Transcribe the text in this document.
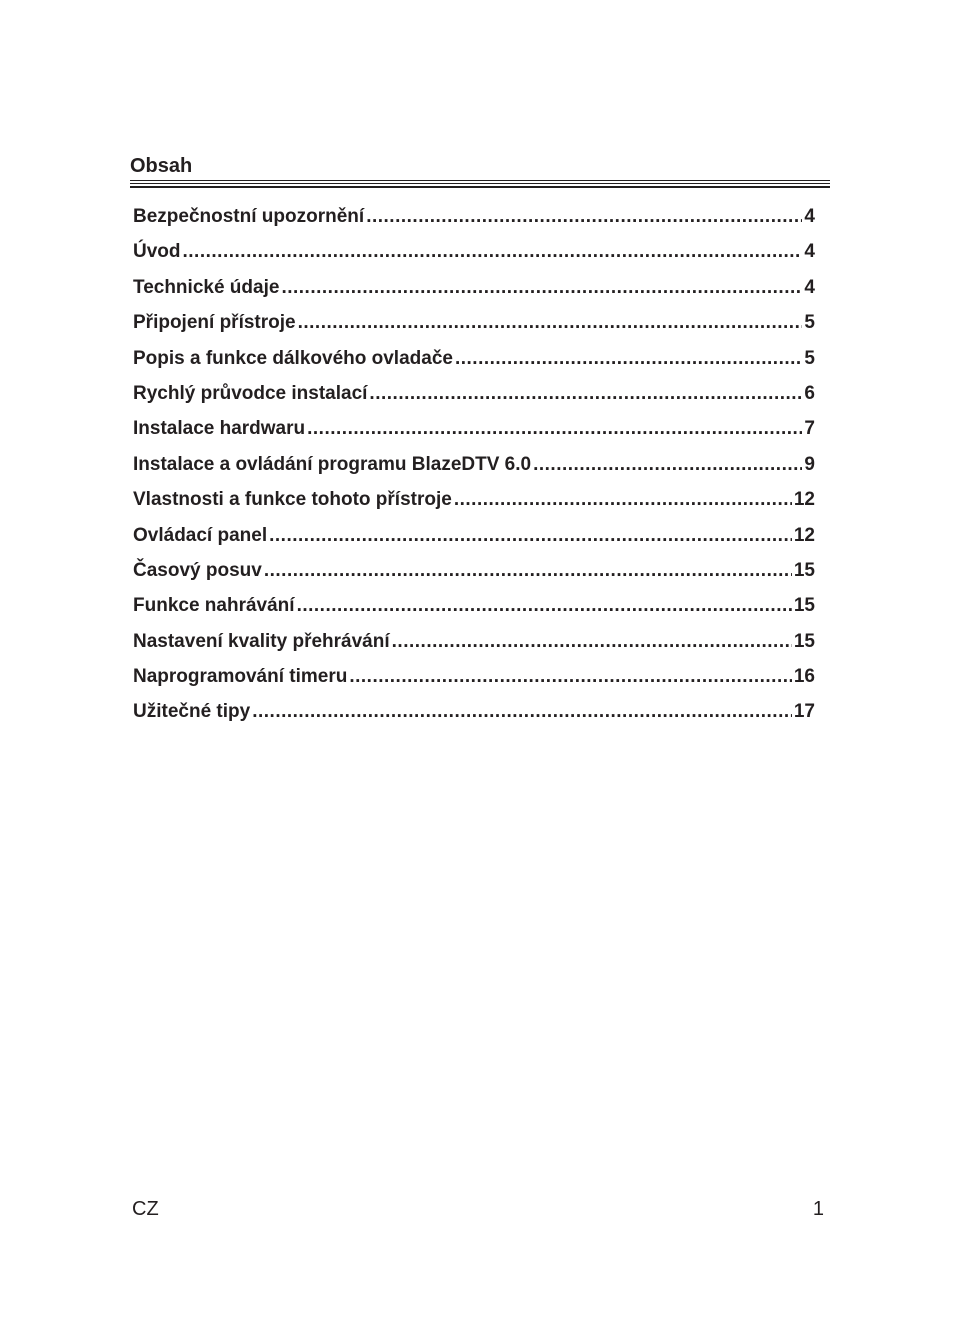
Obsah
Bezpečnostní upozornění .....	4
Úvod .....	4
Technické údaje .....	4
Připojení přístroje .....	5
Popis a funkce dálkového ovladače .....	5
Rychlý průvodce instalací .....	6
Instalace hardwaru .....	7
Instalace a ovládání programu BlazeDTV 6.0 .....	9
Vlastnosti a funkce tohoto přístroje .....	12
Ovládací panel .....	12
Časový posuv .....	15
Funkce nahrávání .....	15
Nastavení kvality přehrávání .....	15
Naprogramování timeru .....	16
Užitečné tipy .....	17
CZ	1
